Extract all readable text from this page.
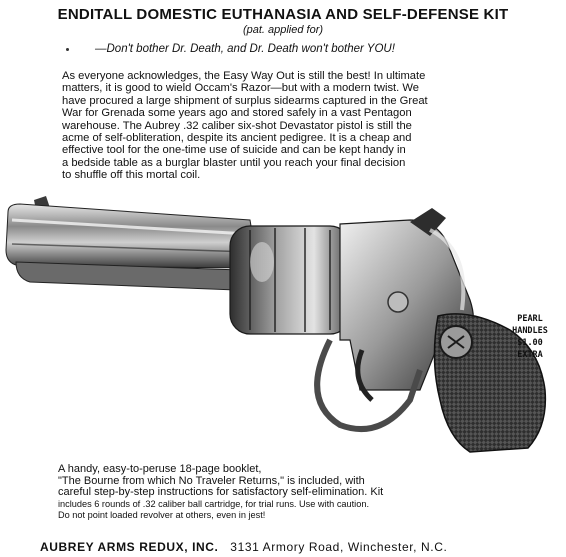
ENDITALL DOMESTIC EUTHANASIA AND SELF-DEFENSE KIT
(pat. applied for)
—Don't bother Dr. Death, and Dr. Death won't bother YOU!
As everyone acknowledges, the Easy Way Out is still the best! In ultimate
matters, it is good to wield Occam's Razor—but with a modern twist. We
have procured a large shipment of surplus sidearms captured in the Great
War for Grenada some years ago and stored safely in a vast Pentagon
warehouse. The Aubrey .32 caliber six-shot Devastator pistol is still the
acme of self-obliteration, despite its ancient pedigree. It is a cheap and
effective tool for the one-time use of suicide and can be kept handy in
a bedside table as a burglar blaster until you reach your final decision
to shuffle off this mortal coil.
PEARL
HANDLES
$1.00
EXTRA
A handy, easy-to-peruse 18-page booklet,
"The Bourne from which No Traveler Returns," is included, with
careful step-by-step instructions for satisfactory self-elimination. Kit
includes 6 rounds of .32 caliber ball cartridge, for trial runs. Use with caution.
Do not point loaded revolver at others, even in jest!
AUBREY ARMS REDUX, INC. 3131 Armory Road, Winchester, N.C.
